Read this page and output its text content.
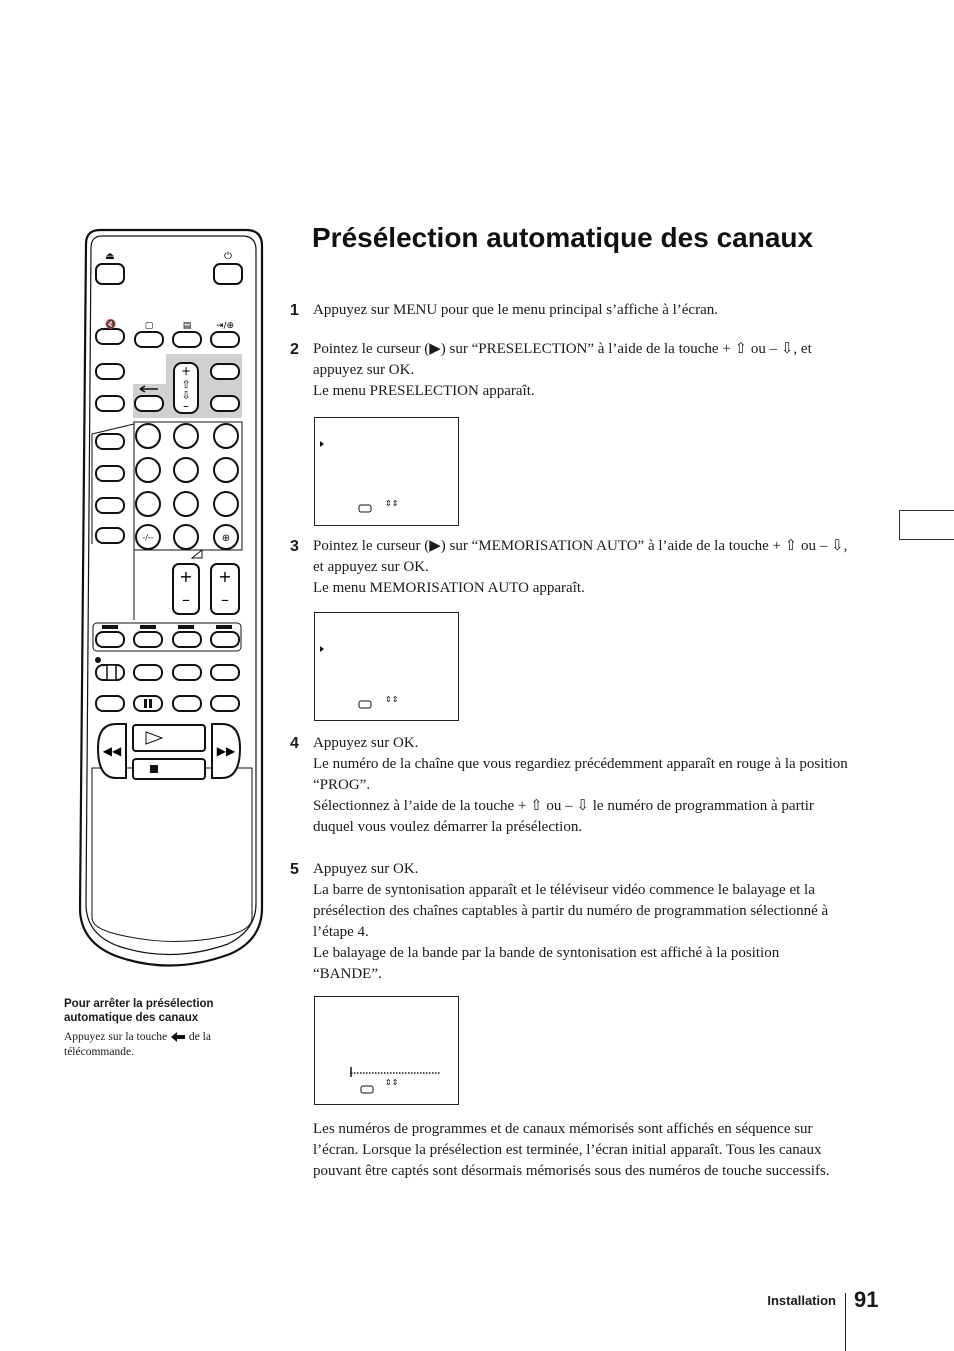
⏏	⏻
🔇	▢	▤	⇥/⊕
+
⇧
⇩
–
-/--	⊕
+
–
+
–
◀◀	▶▶
Présélection automatique des canaux
1 Appuyez sur MENU pour que le menu principal s’affiche à l’écran.

2 Pointez le curseur (▶) sur “PRESELECTION” à l’aide de la touche + ⇧ ou – ⇩, et appuyez sur OK.

Le menu PRESELECTION apparaît.

⇕⇕
3 Pointez le curseur (▶) sur “MEMORISATION AUTO” à l’aide de la touche + ⇧ ou – ⇩, et appuyez sur OK.

Le menu MEMORISATION AUTO apparaît.

⇕⇕
4 Appuyez sur OK.

Le numéro de la chaîne que vous regardiez précédemment apparaît en rouge à la position “PROG”.

Sélectionnez à l’aide de la touche + ⇧ ou – ⇩ le numéro de programmation à partir duquel vous voulez démarrer la présélection.

5 Appuyez sur OK.

La barre de syntonisation apparaît et le téléviseur vidéo commence le balayage et la présélection des chaînes captables à partir du numéro de programmation sélectionné à l’étape 4.

Le balayage de la bande par la bande de syntonisation est affiché à la position “BANDE”.

⇕⇕

Les numéros de programmes et de canaux mémorisés sont affichés en séquence sur l’écran. Lorsque la présélection est terminée, l’écran initial apparaît. Tous les canaux pouvant être captés sont désormais mémorisés sous des numéros de touche successifs.

Pour arrêter la présélection automatique des canaux
Appuyez sur la touche de la télécommande.
Installation 91
